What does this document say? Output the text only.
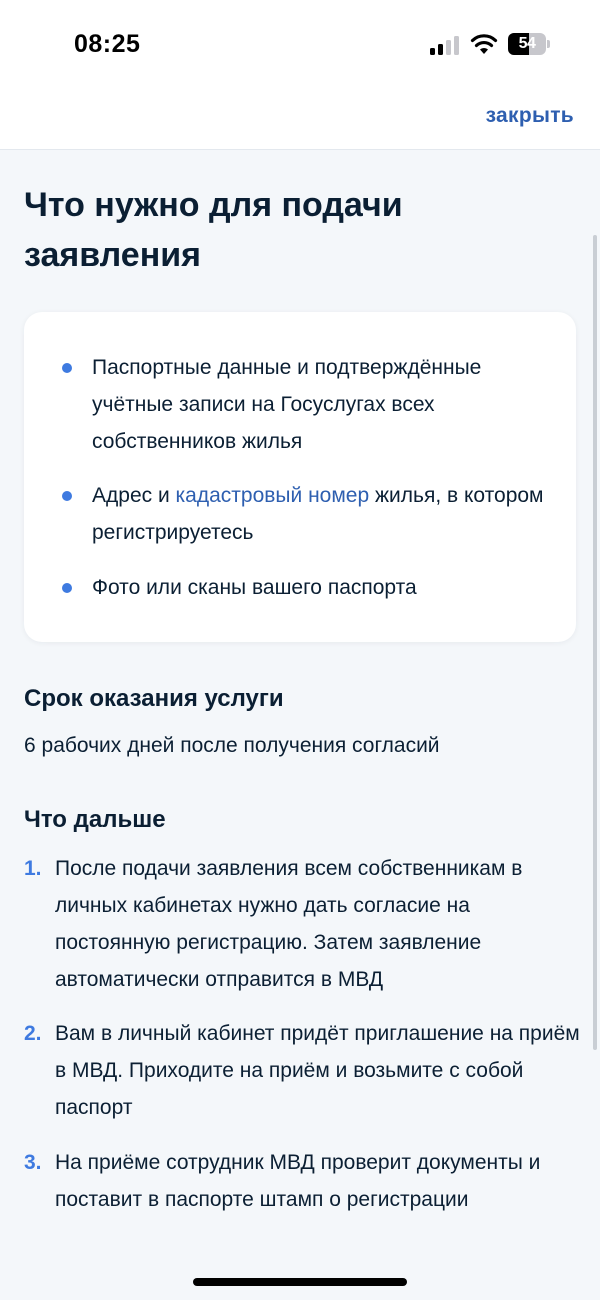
08:25	54
закрыть
Что нужно для подачи заявления
Паспортные данные и подтверждённые учётные записи на Госуслугах всех собственников жилья
Адрес и кадастровый номер жилья, в котором регистрируетесь
Фото или сканы вашего паспорта
Срок оказания услуги
6 рабочих дней после получения согласий
Что дальше
1. После подачи заявления всем собственникам в личных кабинетах нужно дать согласие на постоянную регистрацию. Затем заявление автоматически отправится в МВД
2. Вам в личный кабинет придёт приглашение на приём в МВД. Приходите на приём и возьмите с собой паспорт
3. На приёме сотрудник МВД проверит документы и поставит в паспорте штамп о регистрации
